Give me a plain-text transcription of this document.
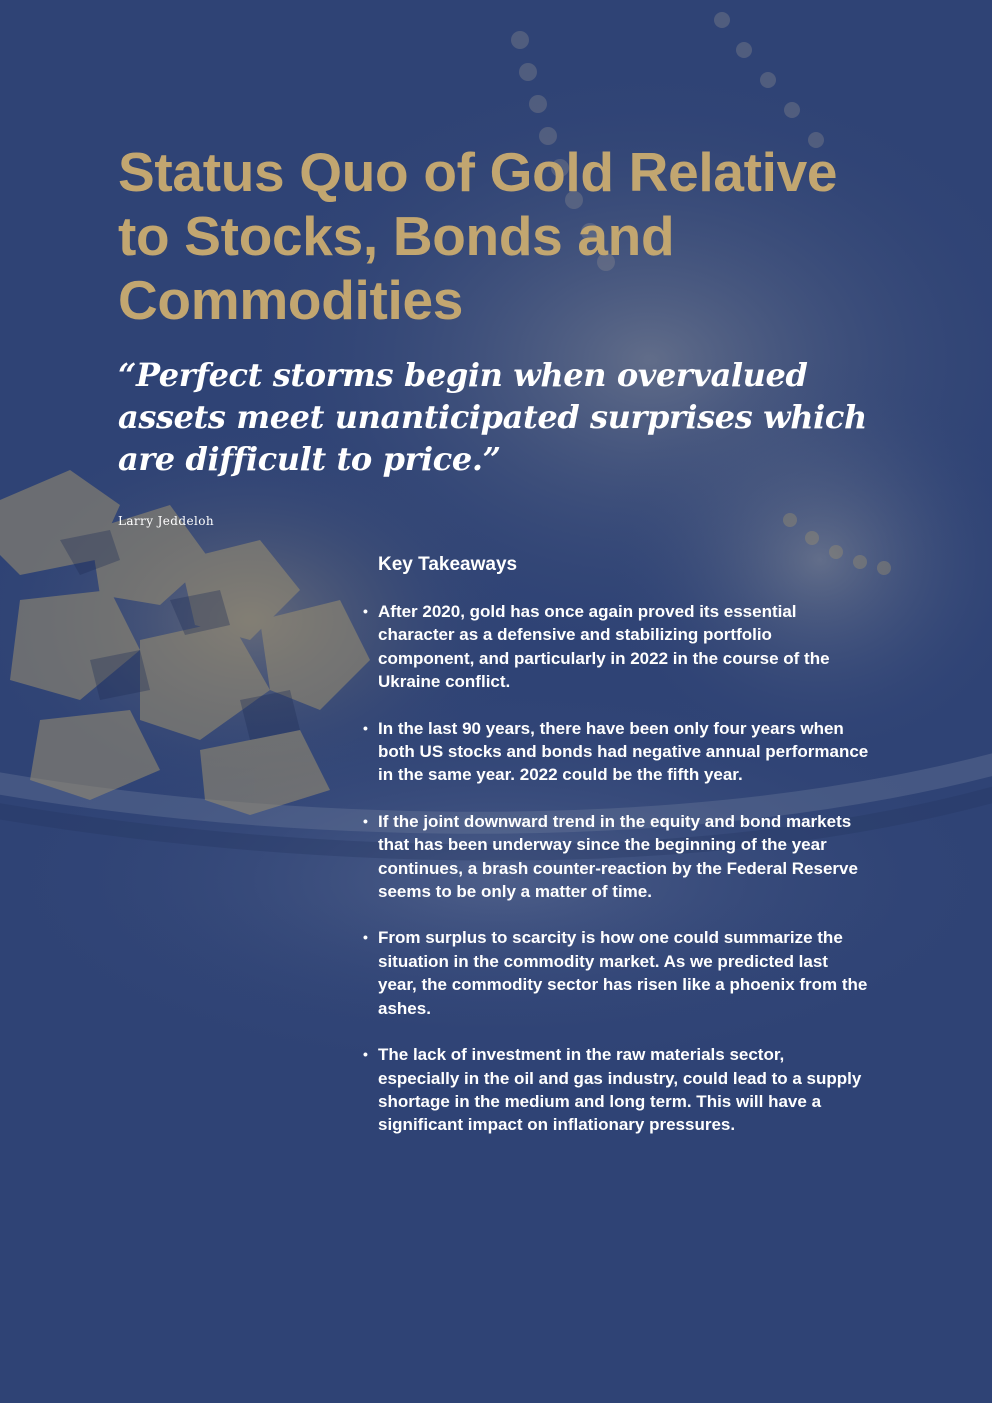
Status Quo of Gold Relative to Stocks, Bonds and Commodities

“Perfect storms begin when overvalued assets meet unanticipated surprises which are difficult to price.”

Larry Jeddeloh

Key Takeaways
• After 2020, gold has once again proved its essential character as a defensive and stabilizing portfolio component, and particularly in 2022 in the course of the Ukraine conflict.
• In the last 90 years, there have been only four years when both US stocks and bonds had negative annual performance in the same year. 2022 could be the fifth year.
• If the joint downward trend in the equity and bond markets that has been underway since the beginning of the year continues, a brash counter-reaction by the Federal Reserve seems to be only a matter of time.
• From surplus to scarcity is how one could summarize the situation in the commodity market. As we predicted last year, the commodity sector has risen like a phoenix from the ashes.
• The lack of investment in the raw materials sector, especially in the oil and gas industry, could lead to a supply shortage in the medium and long term. This will have a significant impact on inflationary pressures.
